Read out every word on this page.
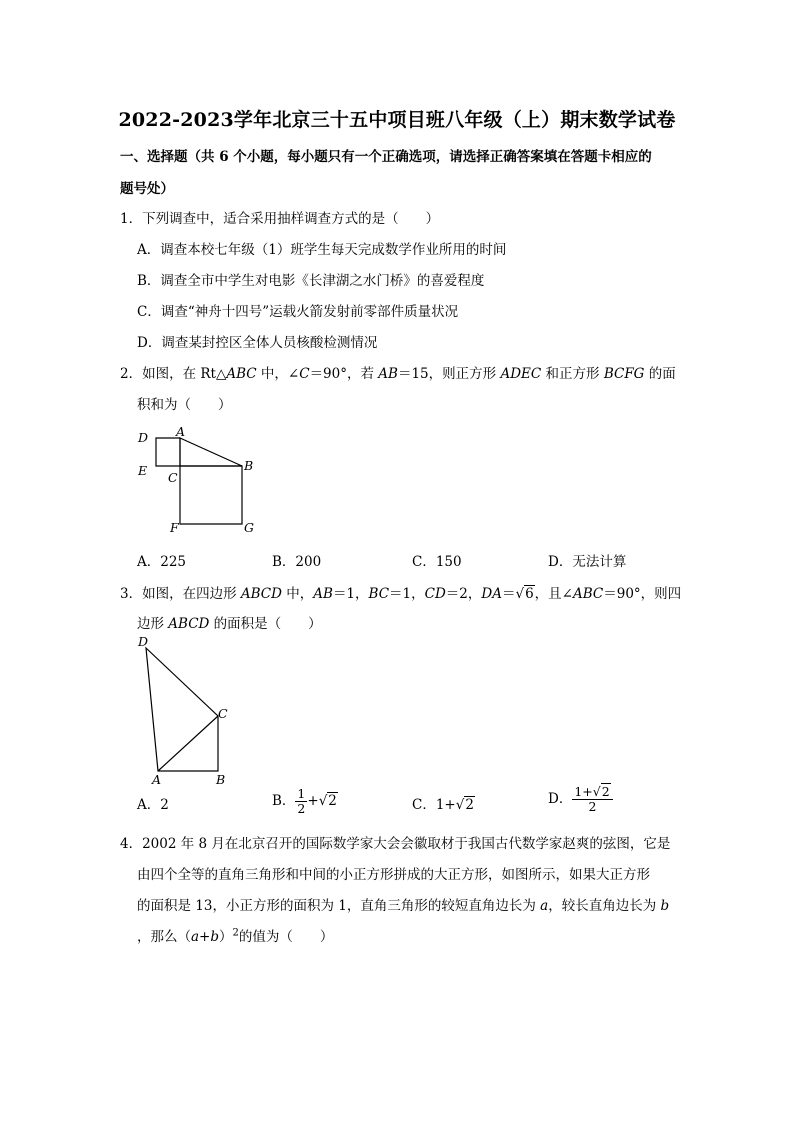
2022-2023学年北京三十五中项目班八年级（上）期末数学试卷
一、选择题（共 6 个小题，每小题只有一个正确选项，请选择正确答案填在答题卡相应的
题号处）
1．下列调查中，适合采用抽样调查方式的是（　　）
A．调查本校七年级（1）班学生每天完成数学作业所用的时间
B．调查全市中学生对电影《长津湖之水门桥》的喜爱程度
C．调查“神舟十四号”运载火箭发射前零部件质量状况
D．调查某封控区全体人员核酸检测情况
2．如图，在 Rt△ABC 中，∠C＝90°，若 AB＝15，则正方形 ADEC 和正方形 BCFG 的面
积和为（　　）
D A
E C
B
F	G
A．225	B．200	C．150	D．无法计算
3．如图，在四边形 ABCD 中，AB＝1，BC＝1，CD＝2，DA＝√6，且∠ABC＝90°，则四
边形 ABCD 的面积是（　　）
D
C
A	B
A．2	B． $\frac{1}{2} +√2$	C．1+√2	D． $\frac{1+√2}{2}$
4．2002 年 8 月在北京召开的国际数学家大会会徽取材于我国古代数学家赵爽的弦图，它是
由四个全等的直角三角形和中间的小正方形拼成的大正方形，如图所示，如果大正方形
的面积是 13，小正方形的面积为 1，直角三角形的较短直角边长为 a，较长直角边长为 b
，那么$(a+b)^2$的值为（　　）
